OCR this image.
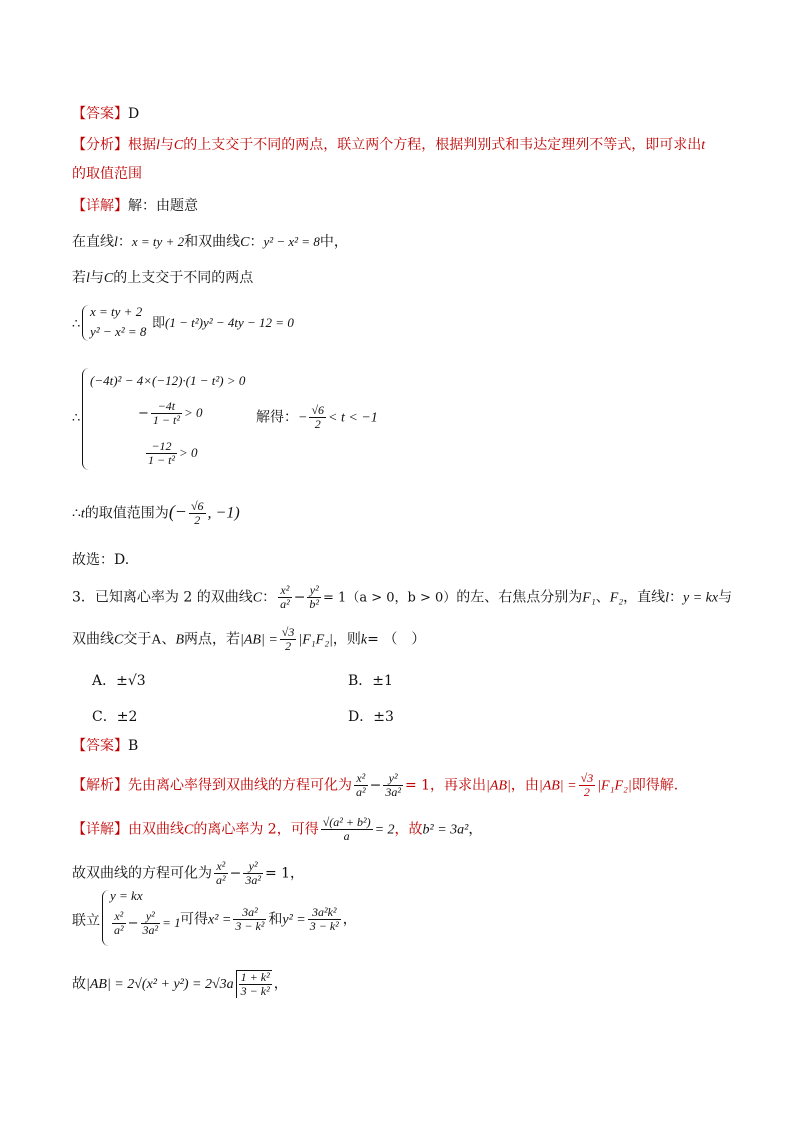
【答案】D
【分析】根据l与C的上支交于不同的两点，联立两个方程，根据判别式和韦达定理列不等式，即可求出t
的取值范围
【详解】解：由题意
在直线l：x = ty + 2和双曲线C：y² − x² = 8中，
若l与C的上支交于不同的两点
∴
x = ty + 2
y² − x² = 8
即(1 − t²)y² − 4ty − 12 = 0
∴
(−4t)² − 4×(−12)·(1 − t²) > 0
− $\frac{-4t}{\text{1 − t²}} > 0$
$\frac{-12}{\text{1 − t²}} > 0$
解得：− $\frac{√6}{2} < t < -1$
∴t的取值范围为(− $\frac{√6}{2}$ , −1)
故选：D.
3．已知离心率为 2 的双曲线C： $\frac{\text{x²}}{\text{a²}} - \frac{\text{y²}}{\text{b²}} = 1(a > 0$，b > 0）的左、右焦点分别为F₁、F₂，直线l：y = kx与
双曲线C交于A、B两点，若$|AB| = \frac{√3}{2} |F_1F_2|$，则k= （　）
A．±√3	B．±1
C．±2	D．±3
【答案】B
【解析】先由离心率得到双曲线的方程可化为 $\frac{\text{x²}}{\text{a²}} - \frac{\text{y²}}{\text{3a²}} = 1$，再求出|AB|，由$|AB| = \frac{√3}{2} |F_1F_2|$即得解.
【详解】由双曲线C的离心率为 2，可得 $\frac{\text{√(a² + b²)}}{a} = 2$，故b² = 3a²，
故双曲线的方程可化为 $\frac{\text{x²}}{\text{a²}} - \frac{\text{y²}}{\text{3a²}} = 1$，
联立
y = kx
$\frac{\text{x²}}{\text{a²}} - \frac{\text{y²}}{\text{3a²}} = 1$ 可得$x^2 = \frac{\text{3a²}}{\text{3 − k²}}$ 和$y^2 = \frac{\text{3a²k²}}{\text{3 − k²}}$ ，
故$|AB| = 2√(x^2 + y^2) = 2√3a \frac{\text{1 + k²}}{\text{3 − k²}}$ ，
